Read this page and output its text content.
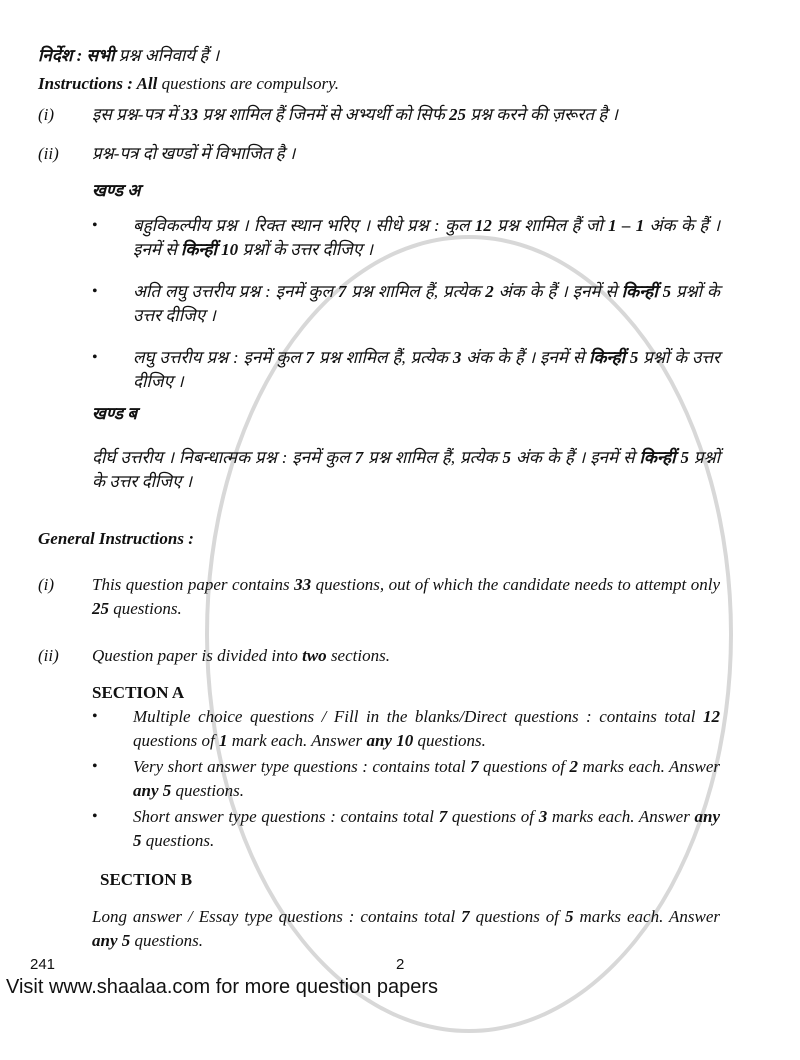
निर्देश : सभी प्रश्न अनिवार्य हैं ।
Instructions : All questions are compulsory.
(i)	इस प्रश्न-पत्र में 33 प्रश्न शामिल हैं जिनमें से अभ्यर्थी को सिर्फ 25 प्रश्न करने की ज़रूरत है ।
(ii)	प्रश्न-पत्र दो खण्डों में विभाजित है ।
खण्ड अ
•	बहुविकल्पीय प्रश्न । रिक्त स्थान भरिए । सीधे प्रश्न : कुल 12 प्रश्न शामिल हैं जो 1 – 1 अंक के हैं । इनमें से किन्हीं 10 प्रश्नों के उत्तर दीजिए ।
•	अति लघु उत्तरीय प्रश्न : इनमें कुल 7 प्रश्न शामिल हैं, प्रत्येक 2 अंक के हैं । इनमें से किन्हीं 5 प्रश्नों के उत्तर दीजिए ।
•	लघु उत्तरीय प्रश्न : इनमें कुल 7 प्रश्न शामिल हैं, प्रत्येक 3 अंक के हैं । इनमें से किन्हीं 5 प्रश्नों के उत्तर दीजिए ।
खण्ड ब
दीर्घ उत्तरीय । निबन्धात्मक प्रश्न : इनमें कुल 7 प्रश्न शामिल हैं, प्रत्येक 5 अंक के हैं । इनमें से किन्हीं 5 प्रश्नों के उत्तर दीजिए ।
General Instructions :
(i)	This question paper contains 33 questions, out of which the candidate needs to attempt only 25 questions.
(ii)	Question paper is divided into two sections.
SECTION A
•	Multiple choice questions / Fill in the blanks/Direct questions : contains total 12 questions of 1 mark each. Answer any 10 questions.
•	Very short answer type questions : contains total 7 questions of 2 marks each. Answer any 5 questions.
•	Short answer type questions : contains total 7 questions of 3 marks each. Answer any 5 questions.
SECTION B
Long answer / Essay type questions : contains total 7 questions of 5 marks each. Answer any 5 questions.
241	2
Visit www.shaalaa.com for more question papers
